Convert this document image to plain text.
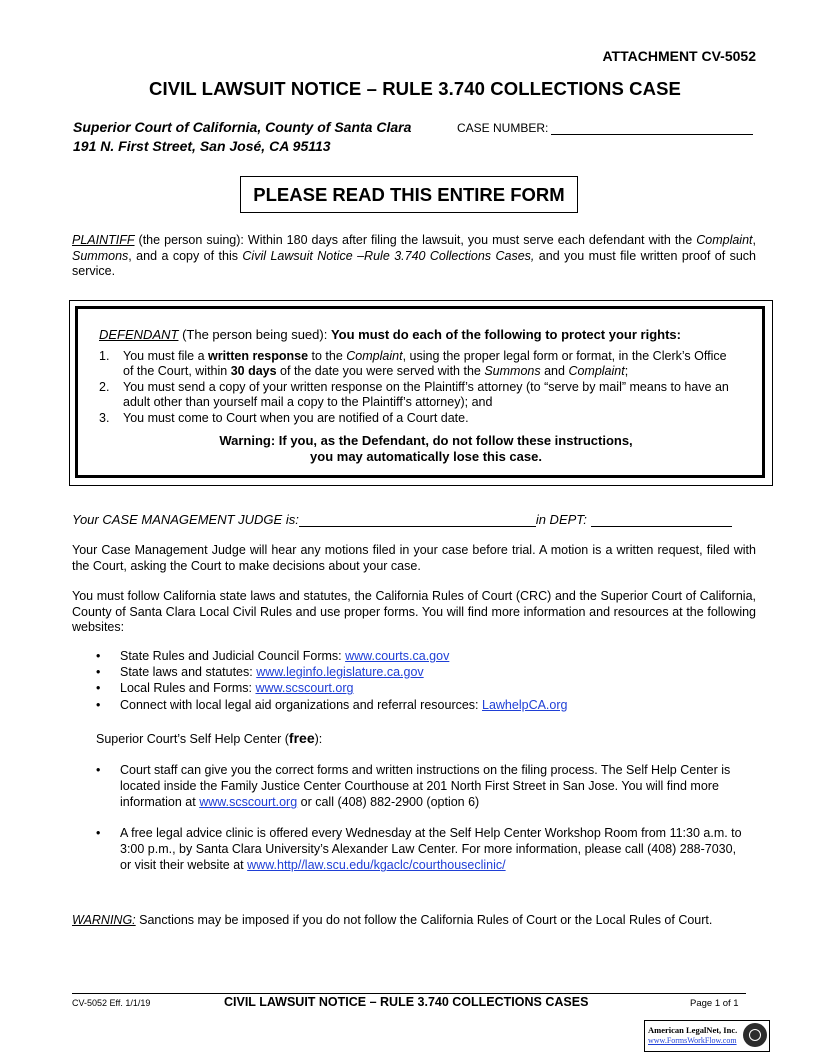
ATTACHMENT CV-5052
CIVIL LAWSUIT NOTICE – RULE 3.740 COLLECTIONS CASE
Superior Court of California, County of Santa Clara
191 N. First Street, San José, CA 95113
CASE NUMBER:
PLEASE READ THIS ENTIRE FORM
PLAINTIFF (the person suing): Within 180 days after filing the lawsuit, you must serve each defendant with the Complaint, Summons, and a copy of this Civil Lawsuit Notice –Rule 3.740 Collections Cases, and you must file written proof of such service.
DEFENDANT (The person being sued): You must do each of the following to protect your rights:
1.	You must file a written response to the Complaint, using the proper legal form or format, in the Clerk’s Office of the Court, within 30 days of the date you were served with the Summons and Complaint;
2.	You must send a copy of your written response on the Plaintiff’s attorney (to “serve by mail” means to have an adult other than yourself mail a copy to the Plaintiff’s attorney); and
3.	You must come to Court when you are notified of a Court date.
Warning: If you, as the Defendant, do not follow these instructions,
you may automatically lose this case.
Your CASE MANAGEMENT JUDGE is:	in DEPT:
Your Case Management Judge will hear any motions filed in your case before trial. A motion is a written request, filed with the Court, asking the Court to make decisions about your case.
You must follow California state laws and statutes, the California Rules of Court (CRC) and the Superior Court of California, County of Santa Clara Local Civil Rules and use proper forms. You will find more information and resources at the following websites:
• State Rules and Judicial Council Forms: www.courts.ca.gov
• State laws and statutes: www.leginfo.legislature.ca.gov
• Local Rules and Forms: www.scscourt.org
• Connect with local legal aid organizations and referral resources: LawhelpCA.org
Superior Court’s Self Help Center (free):
• Court staff can give you the correct forms and written instructions on the filing process. The Self Help Center is located inside the Family Justice Center Courthouse at 201 North First Street in San Jose. You will find more information at www.scscourt.org or call (408) 882-2900 (option 6)
• A free legal advice clinic is offered every Wednesday at the Self Help Center Workshop Room from 11:30 a.m. to 3:00 p.m., by Santa Clara University’s Alexander Law Center. For more information, please call (408) 288-7030, or visit their website at www.http//law.scu.edu/kgaclc/courthouseclinic/
WARNING: Sanctions may be imposed if you do not follow the California Rules of Court or the Local Rules of Court.
CV-5052 Eff. 1/1/19	CIVIL LAWSUIT NOTICE – RULE 3.740 COLLECTIONS CASES	Page 1 of 1
American LegalNet, Inc.
www.FormsWorkFlow.com
